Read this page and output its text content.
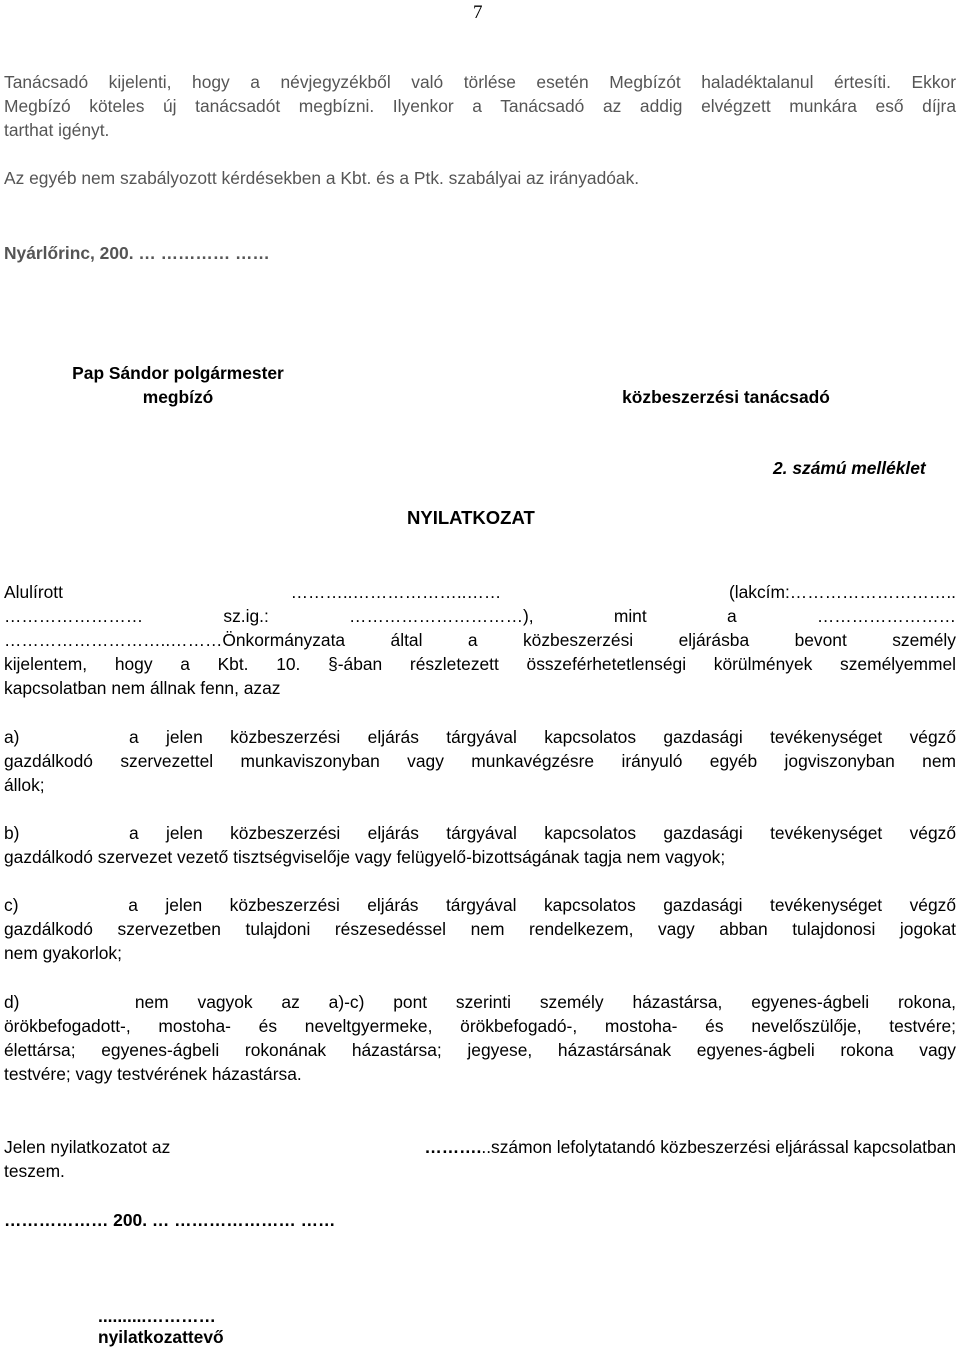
7
Tanácsadó kijelenti, hogy a névjegyzékből való törlése esetén Megbízót haladéktalanul értesíti. Ekkor
Megbízó köteles új tanácsadót megbízni. Ilyenkor a Tanácsadó az addig elvégzett munkára eső díjra
tarthat igényt.
Az egyéb nem szabályozott kérdésekben a Kbt. és a Ptk. szabályai az irányadóak.
Nyárlőrinc, 200. … ………… ……
Pap Sándor polgármester
megbízó	közbeszerzési tanácsadó
2. számú melléklet
NYILATKOZAT
Alulírott	………..………………..……	(lakcím:………………………..
……………………	sz.ig.:	…………………………),	mint	a	……………………
………………………..………Önkormányzata által a közbeszerzési eljárásba bevont személy
kijelentem, hogy a Kbt. 10. §-ában részletezett összeférhetetlenségi körülmények személyemmel
kapcsolatban nem állnak fenn, azaz
a)    a jelen közbeszerzési eljárás tárgyával kapcsolatos gazdasági tevékenységet végző
gazdálkodó szervezettel munkaviszonyban vagy munkavégzésre irányuló egyéb jogviszonyban nem
állok;
b)    a jelen közbeszerzési eljárás tárgyával kapcsolatos gazdasági tevékenységet végző
gazdálkodó szervezet vezető tisztségviselője vagy felügyelő-bizottságának tagja nem vagyok;
c)    a jelen közbeszerzési eljárás tárgyával kapcsolatos gazdasági tevékenységet végző
gazdálkodó szervezetben tulajdoni részesedéssel nem rendelkezem, vagy abban tulajdonosi jogokat
nem gyakorlok;
d)    nem vagyok az a)-c) pont szerinti személy házastársa, egyenes-ágbeli rokona,
örökbefogadott-, mostoha- és neveltgyermeke, örökbefogadó-, mostoha- és nevelőszülője, testvére;
élettársa; egyenes-ágbeli rokonának házastársa; jegyese, házastársának egyenes-ágbeli rokona vagy
testvére; vagy testvérének házastársa.
Jelen nyilatkozatot az	………. ..számon lefolytatandó közbeszerzési eljárással kapcsolatban
teszem.
……………… 200. … ………………… ……
..........…………
nyilatkozattevő
